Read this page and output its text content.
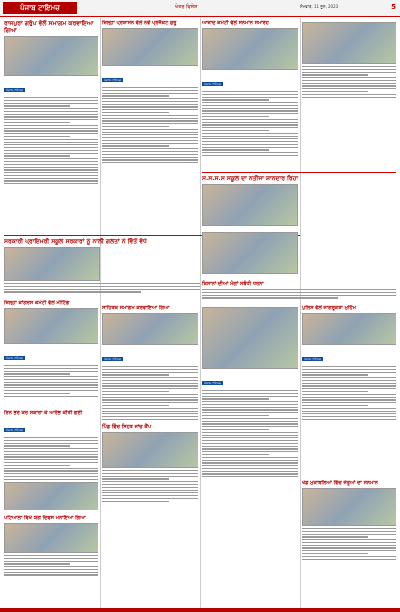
ਪੰਜਾਬ ਟਾਇਮਜ਼	ਖੇਤਰ ਵਿਸ਼ੇਸ਼	ਸੋਮਵਾਰ, 11 ਜੂਨ, 2023	5
ਰਾਜਪੁਰਾ ਗਰੁੱਪ ਵੱਲੋਂ ਸਮਾਗਮ ਕਰਵਾਇਆ ਗਿਆ
ਪੰਜਾਬ ਟਾਇਮਜ਼
ਸਰਕਾਰੀ ਪ੍ਰਾਇਮਰੀ ਸਕੂਲ ਸਰਕਾਰਾਂ ਨੂੰ ਨਾਲੀ ਗਲਤਾਂ ਨੇ ਵਿੱਤੋਂ ਵੱਧੇ
ਜ਼ਿਲ੍ਹਾ ਕਾਂਗਰਸ ਕਮੇਟੀ ਵੱਲੋਂ ਮੀਟਿੰਗ
ਪੰਜਾਬ ਟਾਇਮਜ਼
ਰਿਨ ਭਰ ਕਰ ਸਕਾਰਾ ਕੇ ਆਰੰਭ ਕੀਤੀ ਗਈ
ਪੰਜਾਬ ਟਾਇਮਜ਼
ਪਟਿਆਲਾ ਵਿਖੇ ਯੋਗ ਦਿਵਸ ਮਨਾਇਆ ਗਿਆ
ਜ਼ਿਲ੍ਹਾ ਪ੍ਰਸ਼ਾਸਨ ਵੱਲੋਂ ਨਵੇਂ ਪ੍ਰੋਜੈਕਟ ਸ਼ੁਰੂ
ਪੰਜਾਬ ਟਾਇਮਜ਼
ਸਾਹਿਤਕ ਸਮਾਗਮ ਕਰਵਾਇਆ ਗਿਆ
ਪੰਜਾਬ ਟਾਇਮਜ਼
ਪਿੰਡ ਵਿੱਚ ਸਿਹਤ ਜਾਂਚ ਕੈਂਪ
ਆਜ਼ਾਦ ਕਮੇਟੀ ਵੱਲੋਂ ਸਨਮਾਨ ਸਮਾਰੋਹ
ਪੰਜਾਬ ਟਾਇਮਜ਼
ਪੰਜਾਬ ਟਾਇਮਜ਼
ਸ.ਸ.ਸ.ਸ ਸਕੂਲ ਦਾ ਨਤੀਜਾ ਸ਼ਾਨਦਾਰ ਰਿਹਾ

ਕਿਸਾਨਾਂ ਦੀਆਂ ਮੰਗਾਂ ਸਬੰਧੀ ਧਰਨਾ
ਪੁਲਿਸ ਵੱਲੋਂ ਜਾਗਰੂਕਤਾ ਮੁਹਿੰਮ
ਪੰਜਾਬ ਟਾਇਮਜ਼
ਖੇਡ ਮੁਕਾਬਲਿਆਂ ਵਿੱਚ ਜੇਤੂਆਂ ਦਾ ਸਨਮਾਨ
